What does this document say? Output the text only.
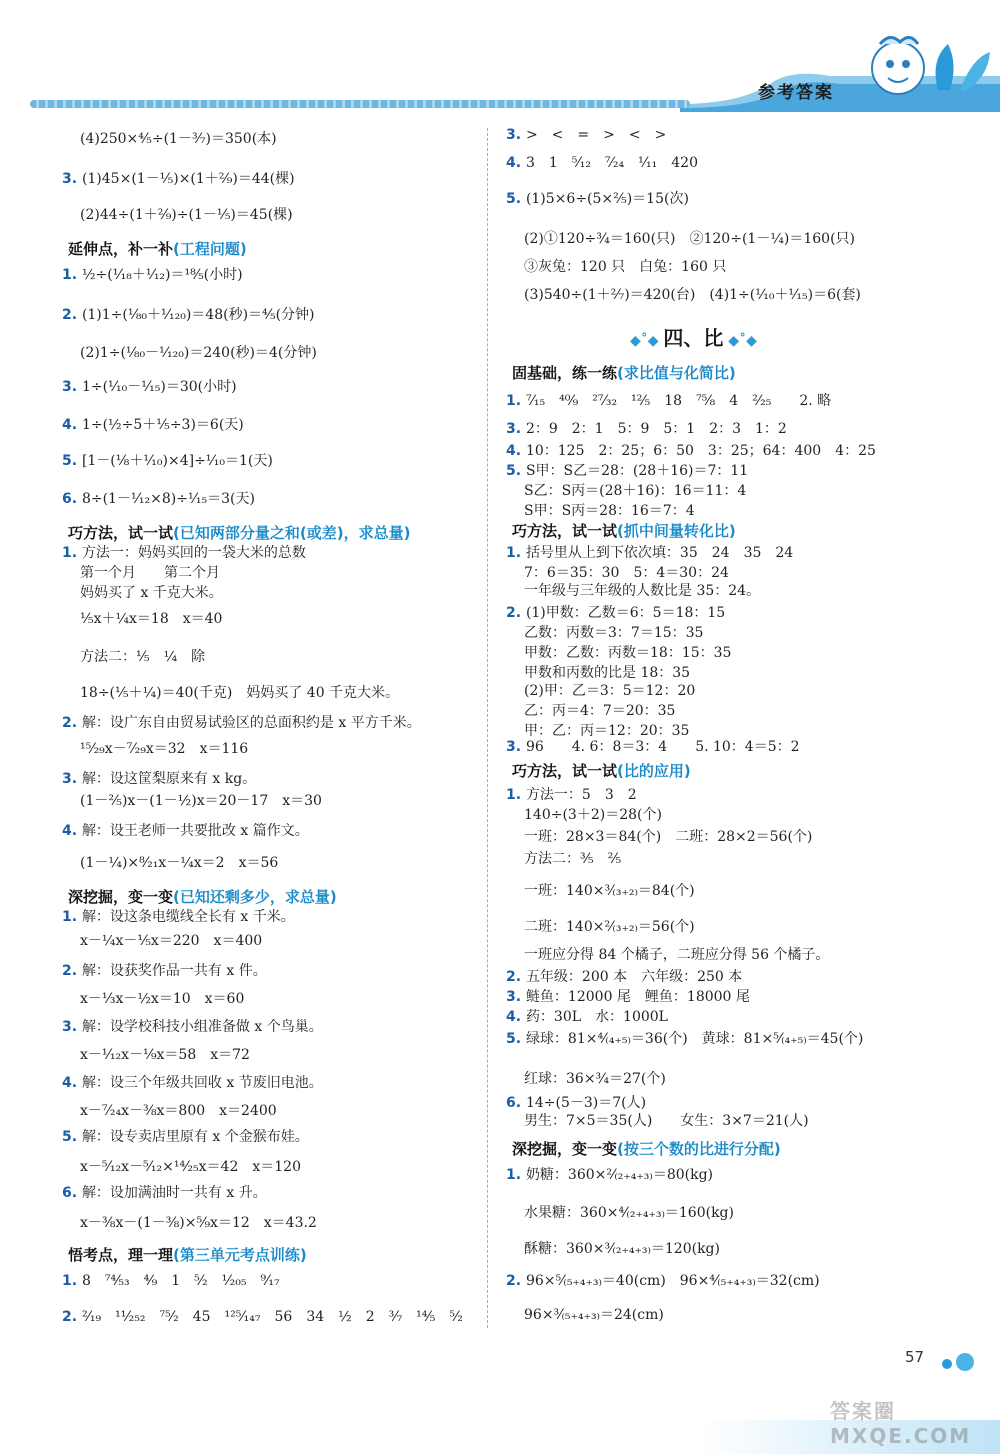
参考答案
(4)250×⁴⁄₅÷(1－³⁄₇)＝350(本)
3. (1)45×(1－¹⁄₅)×(1＋²⁄₉)＝44(棵)
(2)44÷(1＋²⁄₉)÷(1－¹⁄₅)＝45(棵)
延伸点，补一补(工程问题)
1. ½÷(¹⁄₁₈＋¹⁄₁₂)＝¹⁸⁄₅(小时)
2. (1)1÷(¹⁄₈₀＋¹⁄₁₂₀)＝48(秒)＝⁴⁄₅(分钟)
(2)1÷(¹⁄₈₀－¹⁄₁₂₀)＝240(秒)＝4(分钟)
3. 1÷(¹⁄₁₀－¹⁄₁₅)＝30(小时)
4. 1÷(½÷5＋⅕÷3)＝6(天)
5. [1－(⅛＋¹⁄₁₀)×4]÷¹⁄₁₀＝1(天)
6. 8÷(1－¹⁄₁₂×8)÷¹⁄₁₅＝3(天)
巧方法，试一试(已知两部分量之和(或差)，求总量)
1. 方法一：妈妈买回的一袋大米的总数
第一个月　　第二个月
妈妈买了 x 千克大米。
⅕x＋¼x＝18　x＝40
方法二：⅕　¼　除
18÷(⅕＋¼)＝40(千克)　妈妈买了 40 千克大米。
2. 解：设广东自由贸易试验区的总面积约是 x 平方千米。
¹⁵⁄₂₉x－⁷⁄₂₉x＝32　x＝116
3. 解：设这筐梨原来有 x kg。
(1－⅖)x－(1－½)x＝20－17　x＝30
4. 解：设王老师一共要批改 x 篇作文。
(1－¼)×⁸⁄₂₁x－¼x＝2　x＝56
深挖掘，变一变(已知还剩多少，求总量)
1. 解：设这条电缆线全长有 x 千米。
x－¼x－⅕x＝220　x＝400
2. 解：设获奖作品一共有 x 件。
x－⅓x－½x＝10　x＝60
3. 解：设学校科技小组准备做 x 个鸟巢。
x－¹⁄₁₂x－⅑x＝58　x＝72
4. 解：设三个年级共回收 x 节废旧电池。
x－⁷⁄₂₄x－⅜x＝800　x＝2400
5. 解：设专卖店里原有 x 个金猴布娃。
x－⁵⁄₁₂x－⁵⁄₁₂×¹⁴⁄₂₅x＝42　x＝120
6. 解：设加满油时一共有 x 升。
x－⅜x－(1－⅜)×⁵⁄₉x＝12　x＝43.2
悟考点，理一理(第三单元考点训练)
1. 8　⁷⁴⁄₅₃　⁴⁄₉　1　⁵⁄₂　¹⁄₂₀₅　⁹⁄₁₇
2. ²⁄₁₉　¹¹⁄₂₅₂　⁷⁵⁄₂　45　¹²⁵⁄₁₄₇　56　34　½　2　³⁄₇　¹⁴⁄₅　⁵⁄₂
3. >　<　=　>　<　>
4. 3　1　⁵⁄₁₂　⁷⁄₂₄　¹⁄₁₁　420
5. (1)5×6÷(5×⅖)＝15(次)
(2)①120÷¾＝160(只)　②120÷(1－¼)＝160(只)
③灰兔：120 只　白兔：160 只
(3)540÷(1＋²⁄₇)＝420(台)　(4)1÷(¹⁄₁₀＋¹⁄₁₅)＝6(套)
◆˚◆ 四、比 ◆˚◆
固基础，练一练(求比值与化简比)
1. ⁷⁄₁₅　⁴⁰⁄₉　²⁷⁄₃₂　¹²⁄₅　18　⁷⁵⁄₈　4　²⁄₂₅　　2. 略
3. 2：9　2：1　5：9　5：1　2：3　1：2
4. 10：125　2：25；6：50　3：25；64：400　4：25
5. S甲：S乙＝28：(28＋16)＝7：11
S乙：S丙＝(28＋16)：16＝11：4
S甲：S丙＝28：16＝7：4
巧方法，试一试(抓中间量转化比)
1. 括号里从上到下依次填：35　24　35　24
7：6＝35：30　5：4＝30：24
一年级与三年级的人数比是 35：24。
2. (1)甲数：乙数＝6：5＝18：15
乙数：丙数＝3：7＝15：35
甲数：乙数：丙数＝18：15：35
甲数和丙数的比是 18：35
(2)甲：乙＝3：5＝12：20
乙：丙＝4：7＝20：35
甲：乙：丙＝12：20：35
3. 96　　4. 6：8＝3：4　　5. 10：4＝5：2
巧方法，试一试(比的应用)
1. 方法一：5　3　2
140÷(3＋2)＝28(个)
一班：28×3＝84(个)　二班：28×2＝56(个)
方法二：⅗　⅖
一班：140×³⁄₍₃₊₂₎＝84(个)
二班：140×²⁄₍₃₊₂₎＝56(个)
一班应分得 84 个橘子，二班应分得 56 个橘子。
2. 五年级：200 本　六年级：250 本
3. 鲢鱼：12000 尾　鲤鱼：18000 尾
4. 药：30L　水：1000L
5. 绿球：81×⁴⁄₍₄₊₅₎＝36(个)　黄球：81×⁵⁄₍₄₊₅₎＝45(个)
红球：36×¾＝27(个)
6. 14÷(5－3)＝7(人)
男生：7×5＝35(人)　　女生：3×7＝21(人)
深挖掘，变一变(按三个数的比进行分配)
1. 奶糖：360×²⁄₍₂₊₄₊₃₎＝80(kg)
水果糖：360×⁴⁄₍₂₊₄₊₃₎＝160(kg)
酥糖：360×³⁄₍₂₊₄₊₃₎＝120(kg)
2. 96×⁵⁄₍₅₊₄₊₃₎＝40(cm)　96×⁴⁄₍₅₊₄₊₃₎＝32(cm)
96×³⁄₍₅₊₄₊₃₎＝24(cm)
57
答案圈 MXQE.COM
